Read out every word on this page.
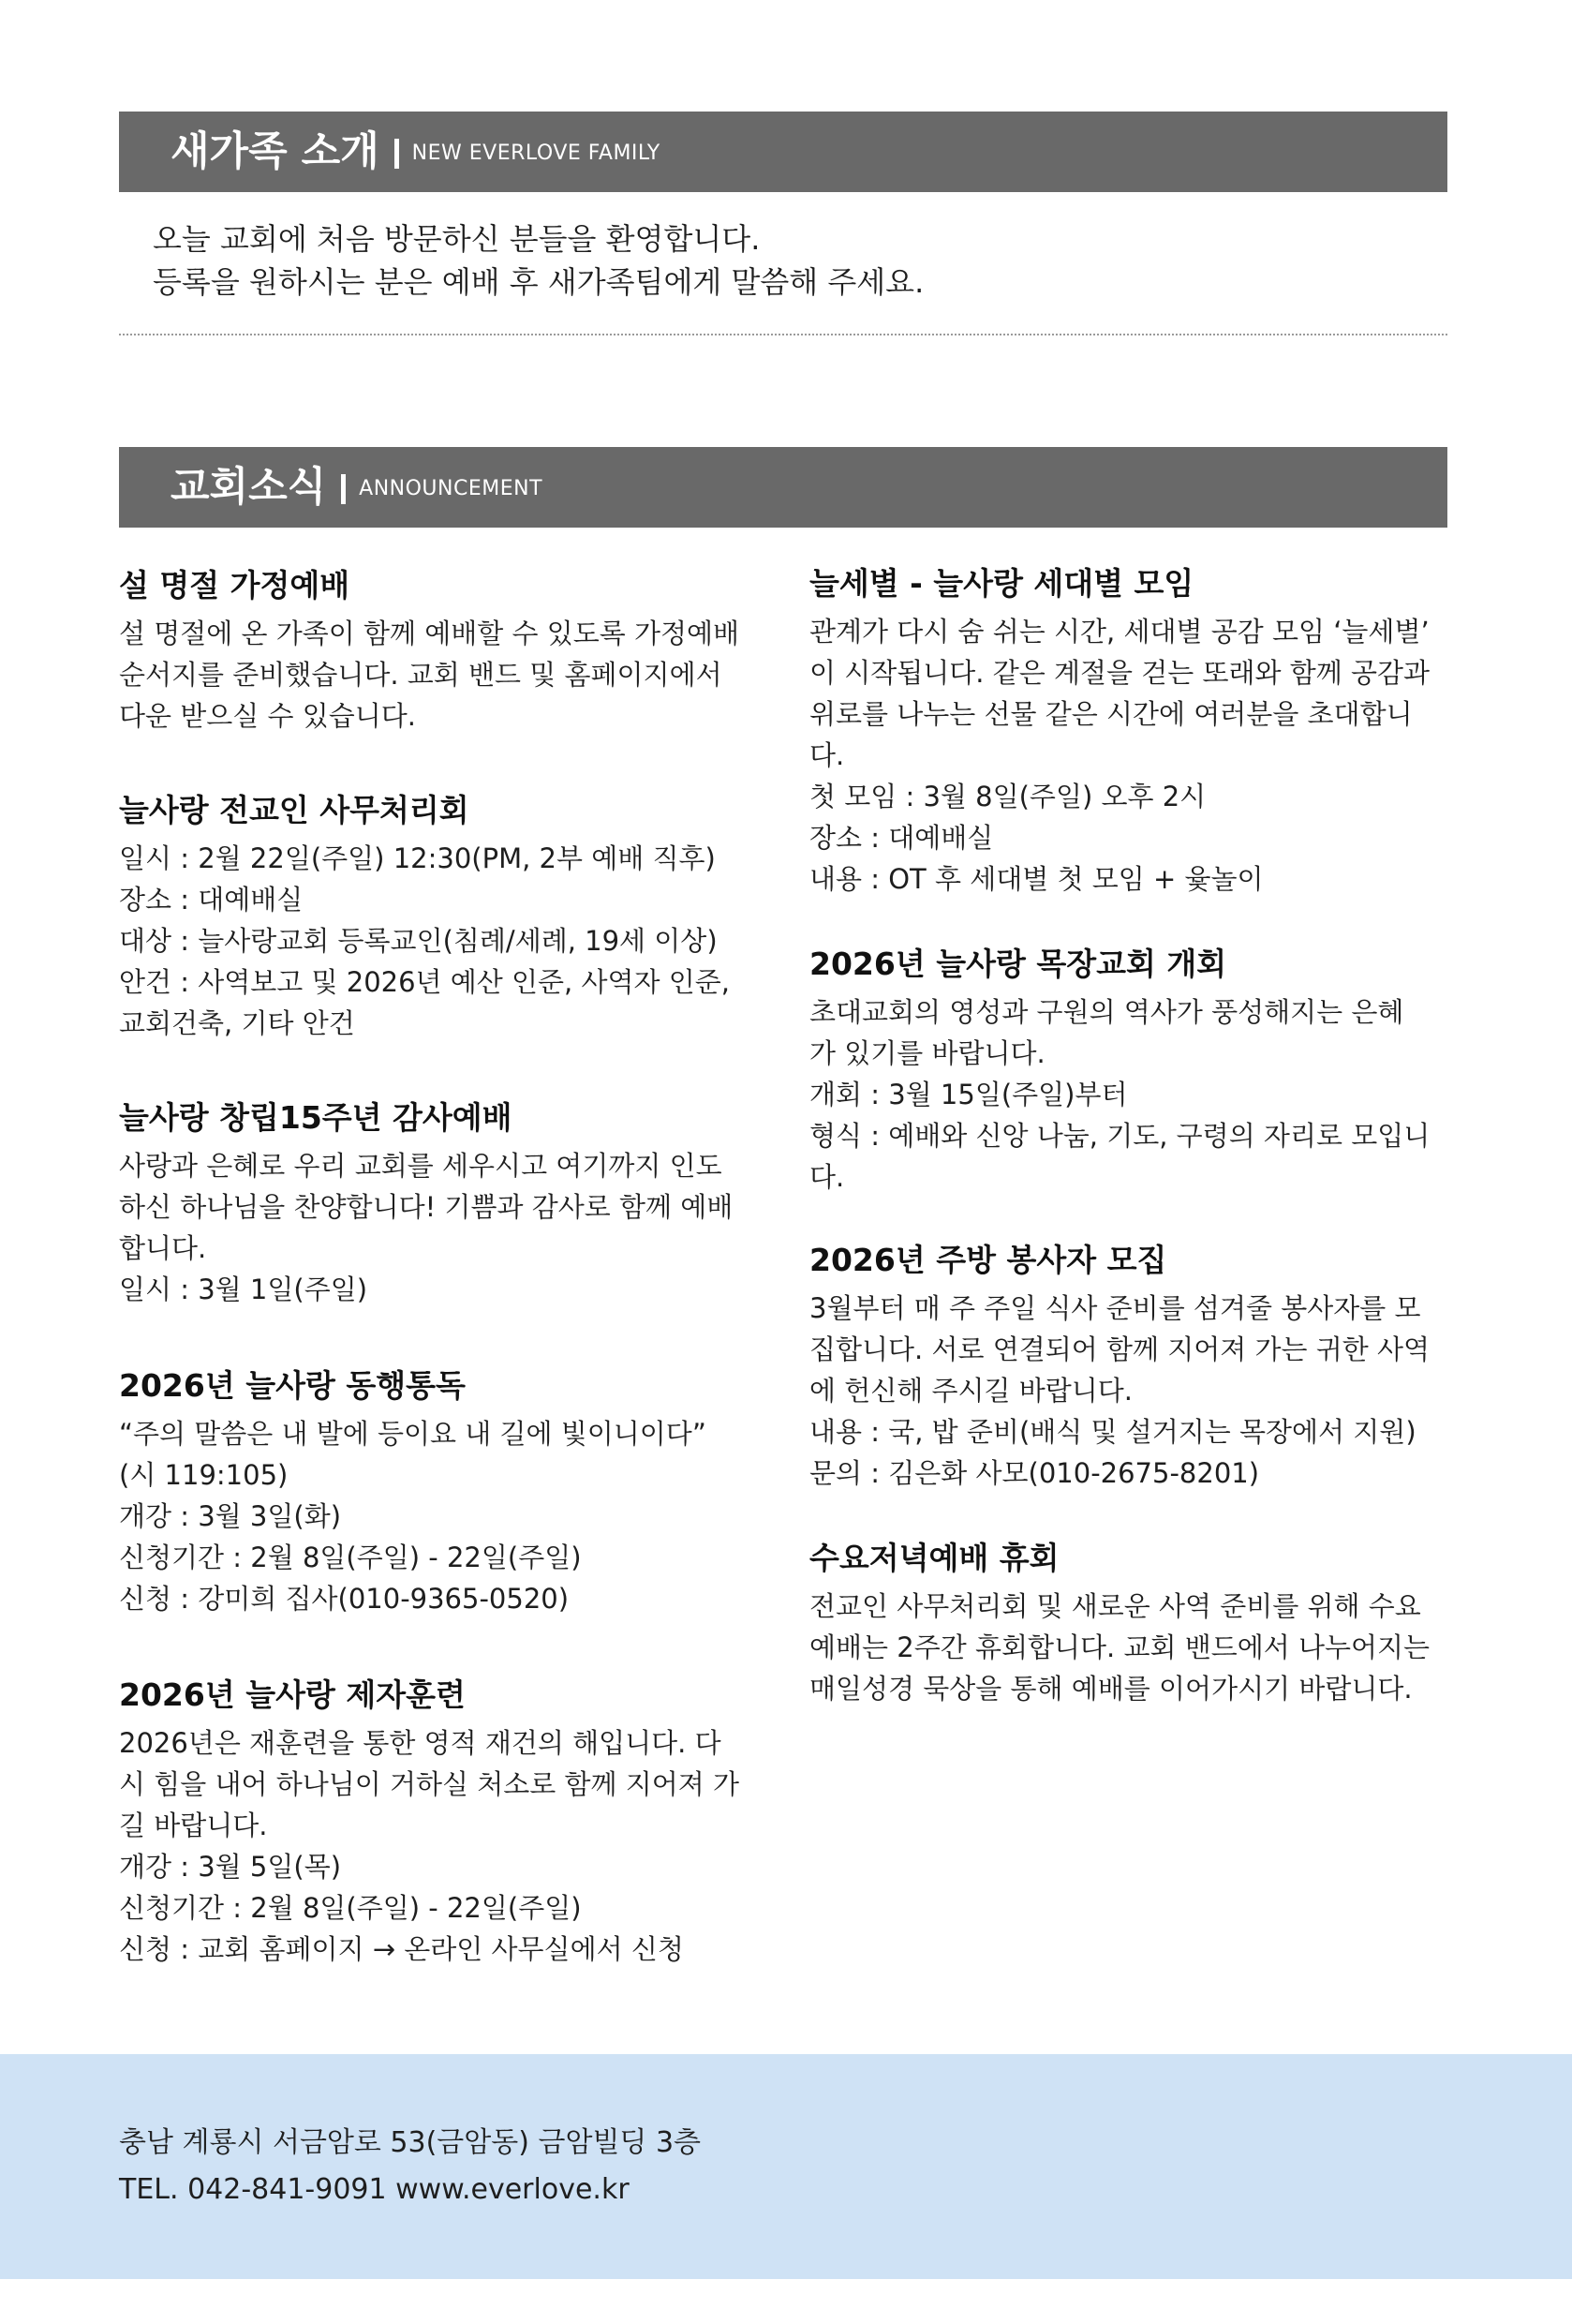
새가족 소개 $^{NEW EVERLOVE FAMILY}$
오늘 교회에 처음 방문하신 분들을 환영합니다.
등록을 원하시는 분은 예배 후 새가족팀에게 말씀해 주세요.
교회소식 $^{ANNOUNCEMENT}$
설 명절 가정예배

설 명절에 온 가족이 함께 예배할 수 있도록 가정예배
순서지를 준비했습니다. 교회 밴드 및 홈페이지에서
다운 받으실 수 있습니다.

늘사랑 전교인 사무처리회

일시 : 2월 22일(주일) 12:30(PM, 2부 예배 직후)
장소 : 대예배실
대상 : 늘사랑교회 등록교인(침례/세례, 19세 이상)
안건 : 사역보고 및 2026년 예산 인준, 사역자 인준,
교회건축, 기타 안건

늘사랑 창립15주년 감사예배

사랑과 은혜로 우리 교회를 세우시고 여기까지 인도
하신 하나님을 찬양합니다! 기쁨과 감사로 함께 예배
합니다.
일시 : 3월 1일(주일)

2026년 늘사랑 동행통독

“주의 말씀은 내 발에 등이요 내 길에 빛이니이다”
(시 119:105)
개강 : 3월 3일(화)
신청기간 : 2월 8일(주일) - 22일(주일)
신청 : 강미희 집사(010-9365-0520)

2026년 늘사랑 제자훈련

2026년은 재훈련을 통한 영적 재건의 해입니다. 다
시 힘을 내어 하나님이 거하실 처소로 함께 지어져 가
길 바랍니다.
개강 : 3월 5일(목)
신청기간 : 2월 8일(주일) - 22일(주일)
신청 : 교회 홈페이지 → 온라인 사무실에서 신청

늘세별 - 늘사랑 세대별 모임

관계가 다시 숨 쉬는 시간, 세대별 공감 모임 ‘늘세별’
이 시작됩니다. 같은 계절을 걷는 또래와 함께 공감과
위로를 나누는 선물 같은 시간에 여러분을 초대합니
다.
첫 모임 : 3월 8일(주일) 오후 2시
장소 : 대예배실
내용 : OT 후 세대별 첫 모임 + 윷놀이

2026년 늘사랑 목장교회 개회

초대교회의 영성과 구원의 역사가 풍성해지는 은혜
가 있기를 바랍니다.
개회 : 3월 15일(주일)부터
형식 : 예배와 신앙 나눔, 기도, 구령의 자리로 모입니
다.

2026년 주방 봉사자 모집

3월부터 매 주 주일 식사 준비를 섬겨줄 봉사자를 모
집합니다. 서로 연결되어 함께 지어져 가는 귀한 사역
에 헌신해 주시길 바랍니다.
내용 : 국, 밥 준비(배식 및 설거지는 목장에서 지원)
문의 : 김은화 사모(010-2675-8201)

수요저녁예배 휴회

전교인 사무처리회 및 새로운 사역 준비를 위해 수요
예배는 2주간 휴회합니다. 교회 밴드에서 나누어지는
매일성경 묵상을 통해 예배를 이어가시기 바랍니다.

충남 계룡시 서금암로 53(금암동) 금암빌딩 3층
TEL. 042-841-9091 www.everlove.kr
